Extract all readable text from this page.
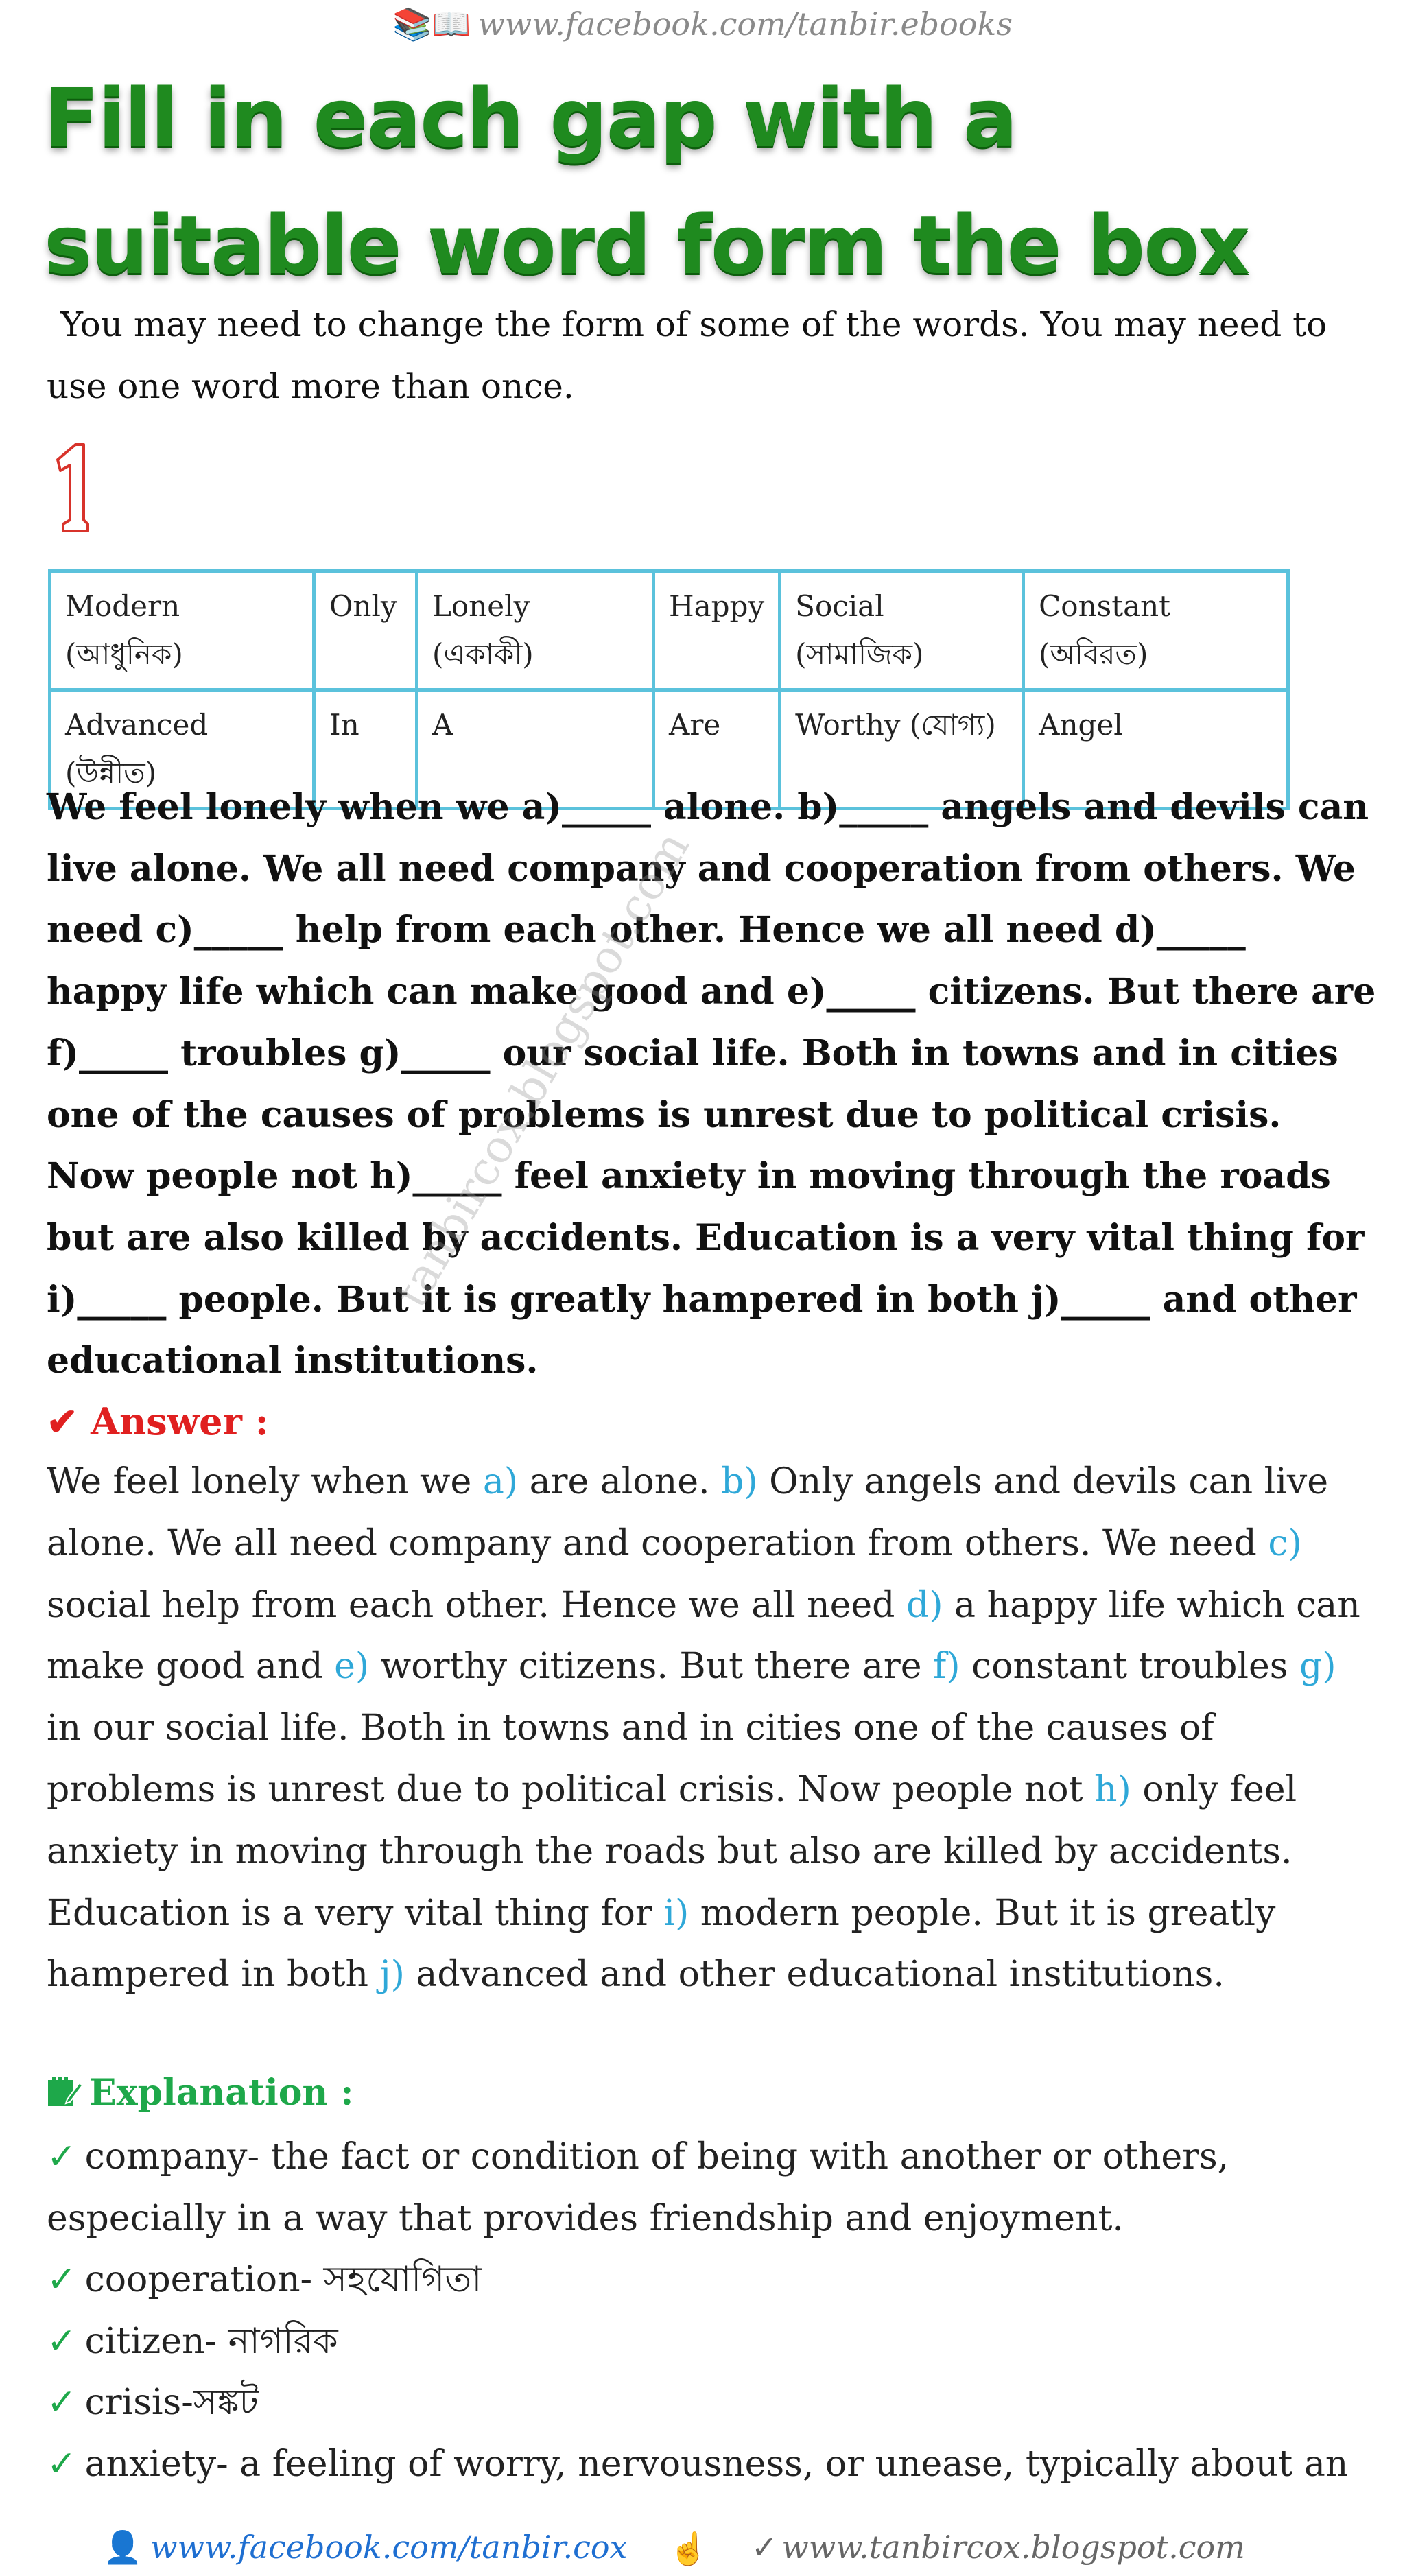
📚📖 www.facebook.com/tanbir.ebooks
Fill in each gap with a suitable word form the box
You may need to change the form of some of the words. You may need to use one word more than once.
Modern (আধুনিক)	Only	Lonely (একাকী)	Happy	Social (সামাজিক)	Constant (অবিরত)
Advanced (উন্নীত)	In	A	Are	Worthy (যোগ্য)	Angel
We feel lonely when we a)_____ alone. b)_____ angels and devils can live alone. We all need company and cooperation from others. We need c)_____ help from each other. Hence we all need d)_____ happy life which can make good and e)_____ citizens. But there are f)_____ troubles g)_____ our social life. Both in towns and in cities one of the causes of problems is unrest due to political crisis. Now people not h)_____ feel anxiety in moving through the roads but are also killed by accidents. Education is a very vital thing for i)_____ people. But it is greatly hampered in both j)_____ and other educational institutions.
tanbircox.blogspot.com
✔ Answer :
We feel lonely when we a) are alone. b) Only angels and devils can live alone. We all need company and cooperation from others. We need c) social help from each other. Hence we all need d) a happy life which can make good and e) worthy citizens. But there are f) constant troubles g) in our social life. Both in towns and in cities one of the causes of problems is unrest due to political crisis. Now people not h) only feel anxiety in moving through the roads but also are killed by accidents. Education is a very vital thing for i) modern people. But it is greatly hampered in both j) advanced and other educational institutions.
Explanation :
✓ company- the fact or condition of being with another or others, especially in a way that provides friendship and enjoyment.
✓ cooperation- সহযোগিতা
✓ citizen- নাগরিক
✓ crisis-সঙ্কট
✓ anxiety- a feeling of worry, nervousness, or unease, typically about an
👤 www.facebook.com/tanbir.cox ☝ ✓ www.tanbircox.blogspot.com
